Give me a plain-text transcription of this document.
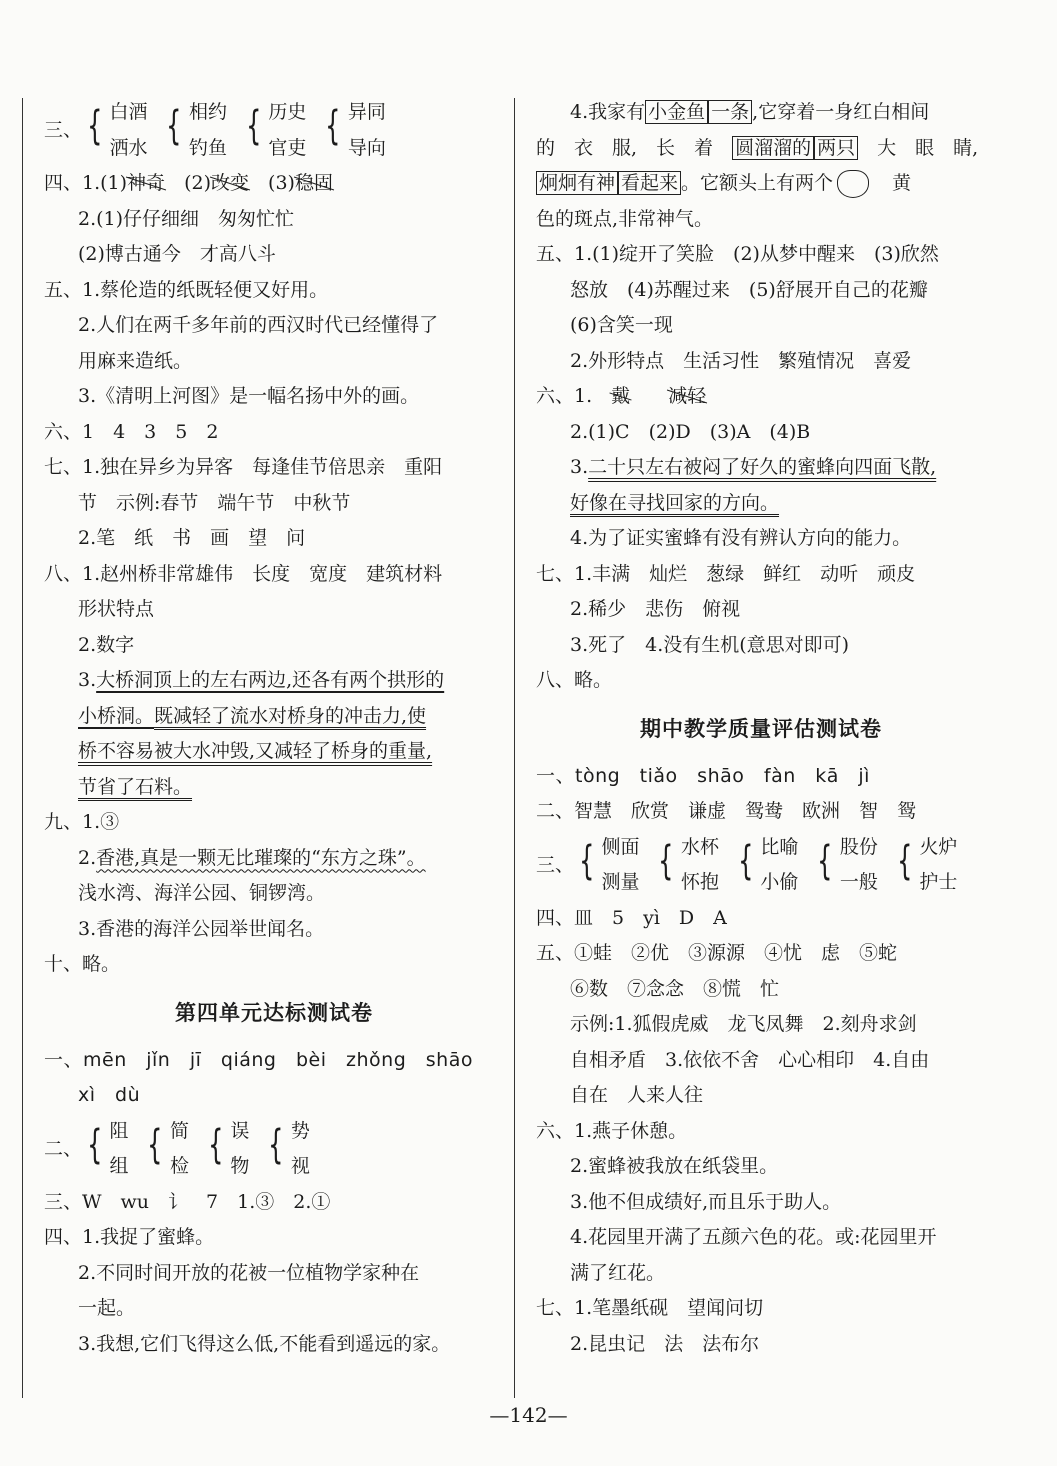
三、 { 白酒
洒水 { 相约
钓鱼 { 历史
官吏 { 异同
导向
四、1.(1)神奇　 (2)改变　 (3)稳固
2.(1)仔仔细细　匆匆忙忙
(2)博古通今　才高八斗
五、1.蔡伦造的纸既轻便又好用。
2.人们在两千多年前的西汉时代已经懂得了
用麻来造纸。
3.《清明上河图》是一幅名扬中外的画。
六、1　4　3　5　2
七、1.独在异乡为异客　每逢佳节倍思亲　重阳
节　示例:春节　端午节　中秋节
2.笔　纸　书　画　望　问
八、1.赵州桥非常雄伟　长度　宽度　建筑材料
形状特点
2.数字
3.大桥洞顶上的左右两边,还各有两个拱形的
小桥洞。既减轻了流水对桥身的冲击力,使
桥不容易被大水冲毁,又减轻了桥身的重量,
节省了石料。
九、1.③
2.香港,真是一颗无比璀璨的“东方之珠”。
浅水湾、海洋公园、铜锣湾。
3.香港的海洋公园举世闻名。
十、略。
第四单元达标测试卷
一、mēn　jǐn　jī　qiáng　bèi　zhǒng　shāo
xì　dù
二、 { 阻
组 { 简
检 { 误
物 { 势
视
三、W　wu　讠　7　1.③　2.①
四、1.我捉了蜜蜂。
2.不同时间开放的花被一位植物学家种在
一起。
3.我想,它们飞得这么低,不能看到遥远的家。
4.我家有 小金鱼 一条 ,它穿着一身红白相间
的　衣　服,　长　着　 圆溜溜的 两只　 大　眼　睛,
炯炯有神 看起来 。它额头上有两个　	黄
色的斑点,非常神气。
五、1.(1)绽开了笑脸　(2)从梦中醒来　(3)欣然
怒放　(4)苏醒过来　(5)舒展开自己的花瓣
(6)含笑一现
2.外形特点　生活习性　繁殖情况　喜爱
六、1.　 戴　　 减轻
2.(1)C　(2)D　(3)A　(4)B
3.二十只左右被闷了好久的蜜蜂向四面飞散,
好像在寻找回家的方向。
4.为了证实蜜蜂有没有辨认方向的能力。
七、1.丰满　灿烂　葱绿　鲜红　动听　顽皮
2.稀少　悲伤　俯视
3.死了　4.没有生机(意思对即可)
八、略。
期中教学质量评估测试卷
一、tòng　tiǎo　shāo　fàn　kā　jì
二、智慧　欣赏　谦虚　鸳鸯　欧洲　智　鸳
三、 { 侧面
测量 { 水杯
怀抱 { 比喻
小偷 { 股份
一般 { 火炉
护士
四、皿　5　yì　D　A
五、①蛙　②优　③源源　④忧　虑　⑤蛇
⑥数　⑦念念　⑧慌　忙
示例:1.狐假虎威　龙飞凤舞　2.刻舟求剑
自相矛盾　3.依依不舍　心心相印　4.自由
自在　人来人往
六、1.燕子休憩。
2.蜜蜂被我放在纸袋里。
3.他不但成绩好,而且乐于助人。
4.花园里开满了五颜六色的花。或:花园里开
满了红花。
七、1.笔墨纸砚　望闻问切
2.昆虫记　法　法布尔
—142—
